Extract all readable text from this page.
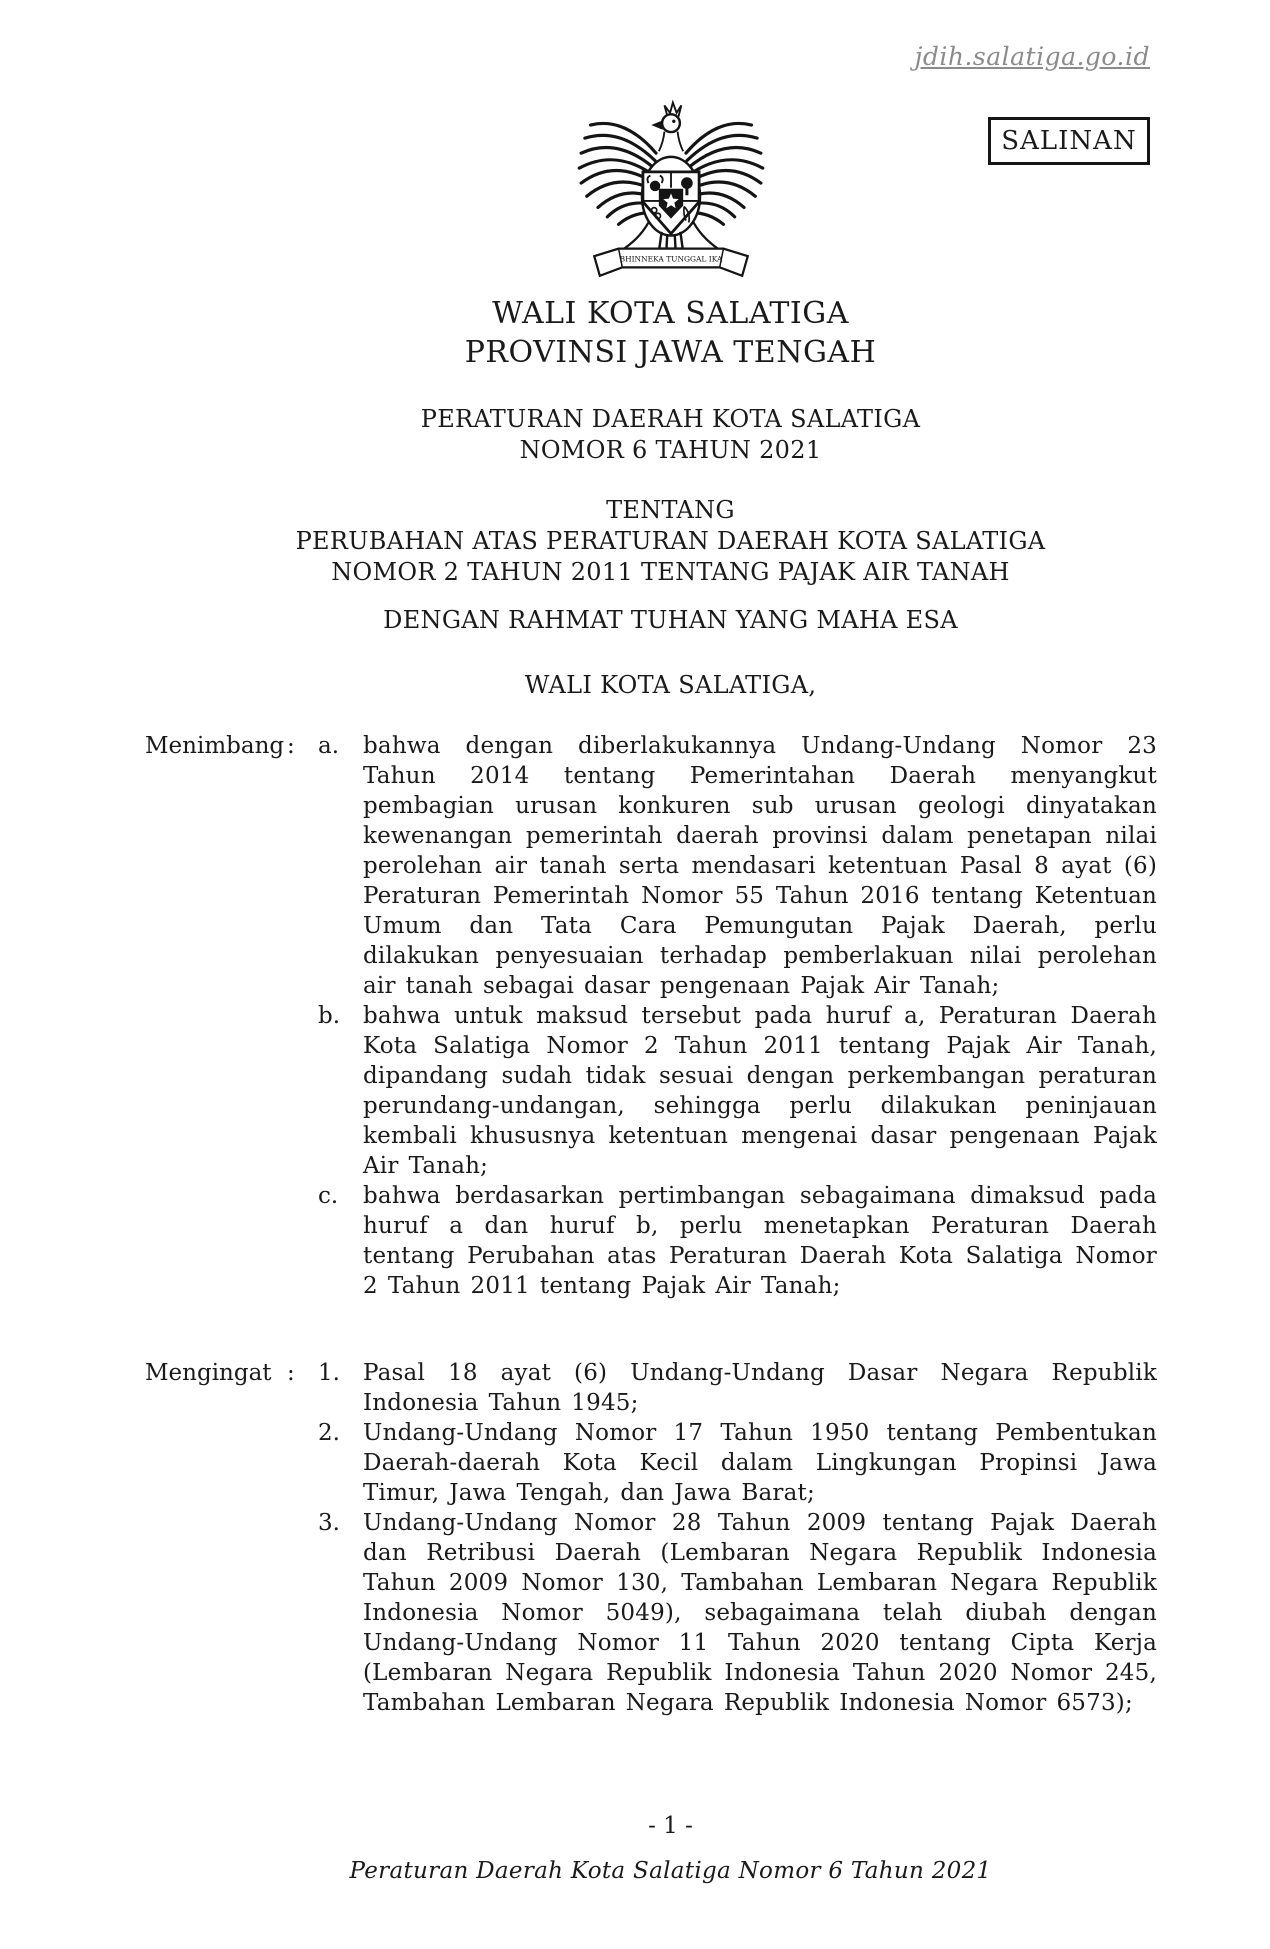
jdih.salatiga.go.id
SALINAN
BHINNEKA TUNGGAL IKA
WALI KOTA SALATIGA
PROVINSI JAWA TENGAH
PERATURAN DAERAH KOTA SALATIGA
NOMOR 6 TAHUN 2021
TENTANG
PERUBAHAN ATAS PERATURAN DAERAH KOTA SALATIGA
NOMOR 2 TAHUN 2011 TENTANG PAJAK AIR TANAH
DENGAN RAHMAT TUHAN YANG MAHA ESA
WALI KOTA SALATIGA,
Menimbang :	a.	bahwa dengan diberlakukannya Undang-Undang Nomor 23 Tahun 2014 tentang Pemerintahan Daerah menyangkut pembagian urusan konkuren sub urusan geologi dinyatakan kewenangan pemerintah daerah provinsi dalam penetapan nilai perolehan air tanah serta mendasari ketentuan Pasal 8 ayat (6) Peraturan Pemerintah Nomor 55 Tahun 2016 tentang Ketentuan Umum dan Tata Cara Pemungutan Pajak Daerah, perlu dilakukan penyesuaian terhadap pemberlakuan nilai perolehan air tanah sebagai dasar pengenaan Pajak Air Tanah;
b. bahwa untuk maksud tersebut pada huruf a, Peraturan Daerah Kota Salatiga Nomor 2 Tahun 2011 tentang Pajak Air Tanah, dipandang sudah tidak sesuai dengan perkembangan peraturan perundang-undangan, sehingga perlu dilakukan peninjauan kembali khususnya ketentuan mengenai dasar pengenaan Pajak Air Tanah;
c.	bahwa berdasarkan pertimbangan sebagaimana dimaksud pada huruf a dan huruf b, perlu menetapkan Peraturan Daerah tentang Perubahan atas Peraturan Daerah Kota Salatiga Nomor 2 Tahun 2011 tentang Pajak Air Tanah;
Mengingat :	1.	Pasal 18 ayat (6) Undang-Undang Dasar Negara Republik Indonesia Tahun 1945;
2.	Undang-Undang Nomor 17 Tahun 1950 tentang Pembentukan Daerah-daerah Kota Kecil dalam Lingkungan Propinsi Jawa Timur, Jawa Tengah, dan Jawa Barat;
3.	Undang-Undang Nomor 28 Tahun 2009 tentang Pajak Daerah dan Retribusi Daerah (Lembaran Negara Republik Indonesia Tahun 2009 Nomor 130, Tambahan Lembaran Negara Republik Indonesia Nomor 5049), sebagaimana telah diubah dengan Undang-Undang Nomor 11 Tahun 2020 tentang Cipta Kerja (Lembaran Negara Republik Indonesia Tahun 2020 Nomor 245, Tambahan Lembaran Negara Republik Indonesia Nomor 6573);
- 1 -
Peraturan Daerah Kota Salatiga Nomor 6 Tahun 2021
